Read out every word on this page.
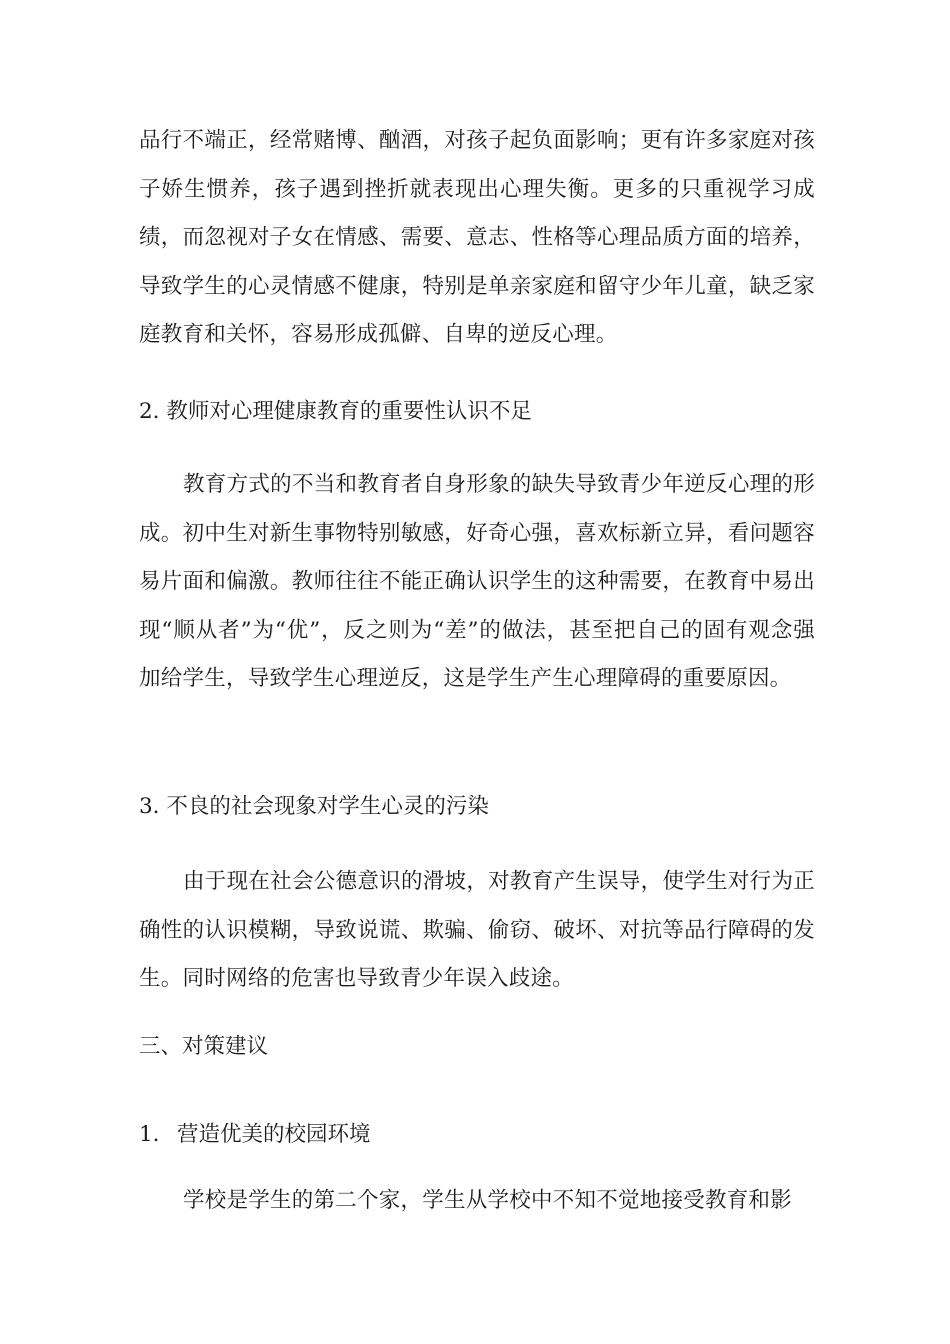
品行不端正，经常赌博、酗酒，对孩子起负面影响；更有许多家庭对孩子娇生惯养，孩子遇到挫折就表现出心理失衡。更多的只重视学习成绩，而忽视对子女在情感、需要、意志、性格等心理品质方面的培养，导致学生的心灵情感不健康，特别是单亲家庭和留守少年儿童，缺乏家庭教育和关怀，容易形成孤僻、自卑的逆反心理。

2. 教师对心理健康教育的重要性认识不足

教育方式的不当和教育者自身形象的缺失导致青少年逆反心理的形成。初中生对新生事物特别敏感，好奇心强，喜欢标新立异，看问题容易片面和偏激。教师往往不能正确认识学生的这种需要，在教育中易出现“顺从者”为“优”，反之则为“差”的做法，甚至把自己的固有观念强加给学生，导致学生心理逆反，这是学生产生心理障碍的重要原因。

3. 不良的社会现象对学生心灵的污染

由于现在社会公德意识的滑坡，对教育产生误导，使学生对行为正确性的认识模糊，导致说谎、欺骗、偷窃、破坏、对抗等品行障碍的发生。同时网络的危害也导致青少年误入歧途。

三、对策建议

1. 营造优美的校园环境

学校是学生的第二个家，学生从学校中不知不觉地接受教育和影
